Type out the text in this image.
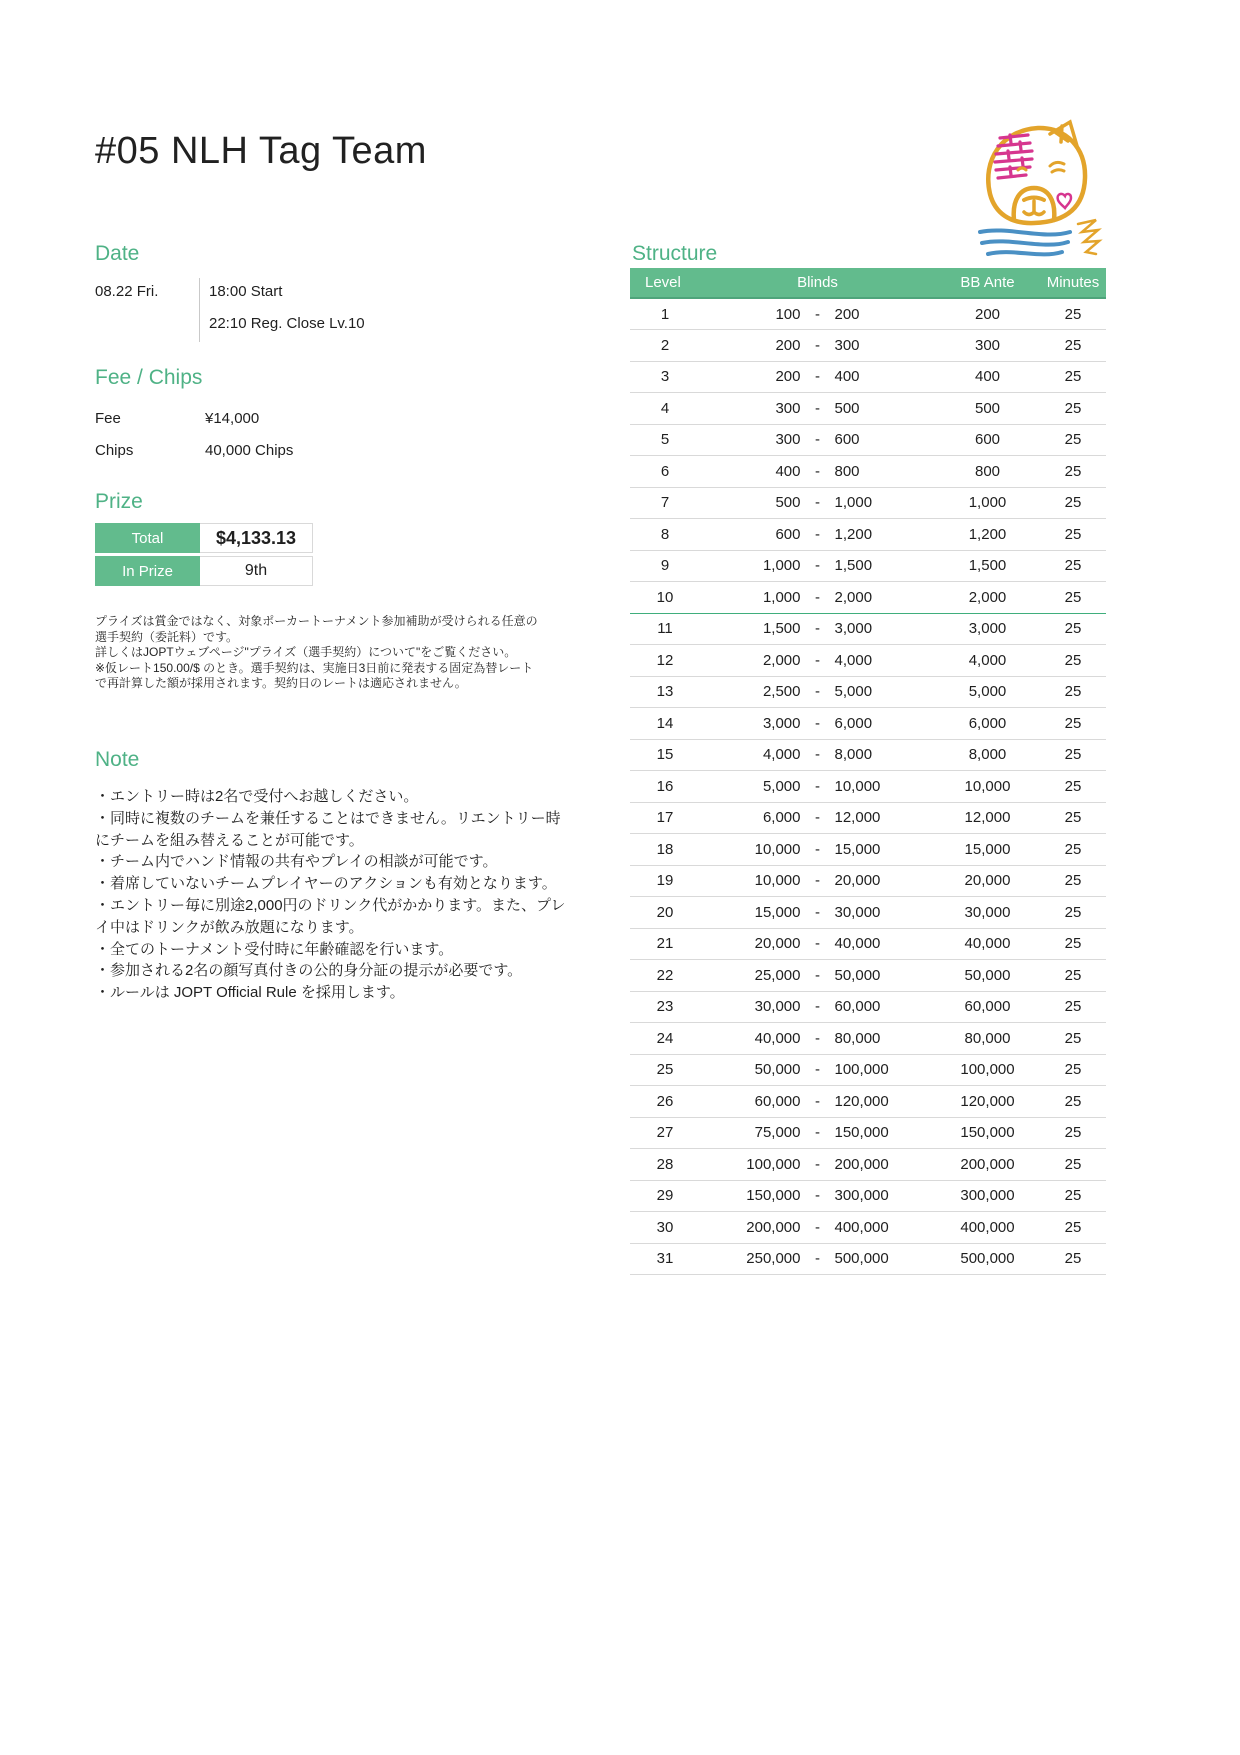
#05 NLH Tag Team
Date
08.22 Fri.	18:00 Start
22:10 Reg. Close Lv.10
Fee / Chips
Fee	¥14,000
Chips	40,000 Chips
Prize
Total	$4,133.13
In Prize	9th
プライズは賞金ではなく、対象ポーカートーナメント参加補助が受けられる任意の選手契約（委託料）です。
詳しくはJOPTウェブページ"プライズ（選手契約）について"をご覧ください。
※仮レート150.00/$ のとき。選手契約は、実施日3日前に発表する固定為替レートで再計算した額が採用されます。契約日のレートは適応されません。
Note
・エントリー時は2名で受付へお越しください。
・同時に複数のチームを兼任することはできません。リエントリー時にチームを組み替えることが可能です。
・チーム内でハンド情報の共有やプレイの相談が可能です。
・着席していないチームプレイヤーのアクションも有効となります。
・エントリー毎に別途2,000円のドリンク代がかかります。また、プレイ中はドリンクが飲み放題になります。
・全てのトーナメント受付時に年齢確認を行います。
・参加される2名の顔写真付きの公的身分証の提示が必要です。
・ルールは JOPT Official Rule を採用します。
Structure
Level	Blinds	BB Ante	Minutes
1	100 - 200	200	25
2	200 - 300	300	25
3	200 - 400	400	25
4	300 - 500	500	25
5	300 - 600	600	25
6	400 - 800	800	25
7	500 - 1,000	1,000	25
8	600 - 1,200	1,200	25
9	1,000 - 1,500	1,500	25
10	1,000 - 2,000	2,000	25
11	1,500 - 3,000	3,000	25
12	2,000 - 4,000	4,000	25
13	2,500 - 5,000	5,000	25
14	3,000 - 6,000	6,000	25
15	4,000 - 8,000	8,000	25
16	5,000 - 10,000	10,000	25
17	6,000 - 12,000	12,000	25
18	10,000 - 15,000	15,000	25
19	10,000 - 20,000	20,000	25
20	15,000 - 30,000	30,000	25
21	20,000 - 40,000	40,000	25
22	25,000 - 50,000	50,000	25
23	30,000 - 60,000	60,000	25
24	40,000 - 80,000	80,000	25
25	50,000 - 100,000	100,000	25
26	60,000 - 120,000	120,000	25
27	75,000 - 150,000	150,000	25
28	100,000 - 200,000	200,000	25
29	150,000 - 300,000	300,000	25
30	200,000 - 400,000	400,000	25
31	250,000 - 500,000	500,000	25
